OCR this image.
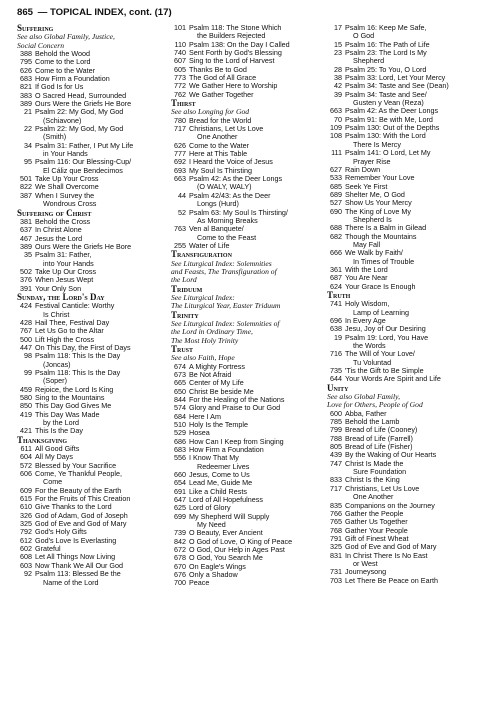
865 — TOPICAL INDEX, cont. (17)
Suffering
See also Global Family, Justice,
Social Concern
388 Behold the Wood
795 Come to the Lord
626 Come to the Water
683 How Firm a Foundation
821 If God Is for Us
383 O Sacred Head, Surrounded
389 Ours Were the Griefs He Bore
21 Psalm 22: My God, My God
(Schiavone)
22 Psalm 22: My God, My God
(Smith)
34 Psalm 31: Father, I Put My Life
in Your Hands
95 Psalm 116: Our Blessing-Cup/
El Cáliz que Bendecimos
501 Take Up Your Cross
822 We Shall Overcome
387 When I Survey the
Wondrous Cross
Suffering of Christ
381 Behold the Cross
637 In Christ Alone
467 Jesus the Lord
389 Ours Were the Griefs He Bore
35 Psalm 31: Father,
into Your Hands
502 Take Up Our Cross
376 When Jesus Wept
391 Your Only Son
Sunday, the Lord's Day
424 Festival Canticle: Worthy
Is Christ
428 Hail Thee, Festival Day
767 Let Us Go to the Altar
500 Lift High the Cross
447 On This Day, the First of Days
98 Psalm 118: This Is the Day
(Joncas)
99 Psalm 118: This Is the Day
(Soper)
459 Rejoice, the Lord Is King
580 Sing to the Mountains
850 This Day God Gives Me
419 This Day Was Made
by the Lord
421 This Is the Day
Thanksgiving
611 All Good Gifts
604 All My Days
572 Blessed by Your Sacrifice
606 Come, Ye Thankful People,
Come
609 For the Beauty of the Earth
615 For the Fruits of This Creation
610 Give Thanks to the Lord
326 God of Adam, God of Joseph
325 God of Eve and God of Mary
792 God's Holy Gifts
612 God's Love Is Everlasting
602 Grateful
608 Let All Things Now Living
603 Now Thank We All Our God
92 Psalm 113: Blessed Be the
Name of the Lord
101 Psalm 118: The Stone Which
the Builders Rejected
110 Psalm 138: On the Day I Called
740 Sent Forth by God's Blessing
607 Sing to the Lord of Harvest
605 Thanks Be to God
773 The God of All Grace
772 We Gather Here to Worship
762 We Gather Together
Thirst
See also Longing for God
780 Bread for the World
717 Christians, Let Us Love
One Another
626 Come to the Water
777 Here at This Table
692 I Heard the Voice of Jesus
693 My Soul Is Thirsting
663 Psalm 42: As the Deer Longs
(O WALY, WALY)
44 Psalm 42/43: As the Deer
Longs (Hurd)
52 Psalm 63: My Soul Is Thirsting/
As Morning Breaks
763 Ven al Banquete/
Come to the Feast
255 Water of Life
Transfiguration
See Liturgical Index: Solemnities
and Feasts, The Transfiguration of
the Lord
Triduum
See Liturgical Index:
The Liturgical Year, Easter Triduum
Trinity
See Liturgical Index: Solemnities of
the Lord in Ordinary Time,
The Most Holy Trinity
Trust
See also Faith, Hope
674 A Mighty Fortress
673 Be Not Afraid
665 Center of My Life
650 Christ Be beside Me
844 For the Healing of the Nations
574 Glory and Praise to Our God
684 Here I Am
510 Holy Is the Temple
529 Hosea
686 How Can I Keep from Singing
683 How Firm a Foundation
556 I Know That My
Redeemer Lives
660 Jesus, Come to Us
654 Lead Me, Guide Me
691 Like a Child Rests
647 Lord of All Hopefulness
625 Lord of Glory
699 My Shepherd Will Supply
My Need
739 O Beauty, Ever Ancient
842 O God of Love, O King of Peace
672 O God, Our Help in Ages Past
678 O God, You Search Me
670 On Eagle's Wings
676 Only a Shadow
700 Peace
17 Psalm 16: Keep Me Safe,
O God
15 Psalm 16: The Path of Life
23 Psalm 23: The Lord Is My
Shepherd
28 Psalm 25: To You, O Lord
38 Psalm 33: Lord, Let Your Mercy
42 Psalm 34: Taste and See (Dean)
39 Psalm 34: Taste and See/
Gusten y Vean (Reza)
663 Psalm 42: As the Deer Longs
70 Psalm 91: Be with Me, Lord
109 Psalm 130: Out of the Depths
108 Psalm 130: With the Lord
There Is Mercy
111 Psalm 141: O Lord, Let My
Prayer Rise
627 Rain Down
533 Remember Your Love
685 Seek Ye First
689 Shelter Me, O God
527 Show Us Your Mercy
690 The King of Love My
Shepherd Is
688 There Is a Balm in Gilead
682 Though the Mountains
May Fall
666 We Walk by Faith/
In Times of Trouble
361 With the Lord
687 You Are Near
624 Your Grace Is Enough
Truth
741 Holy Wisdom,
Lamp of Learning
696 In Every Age
638 Jesu, Joy of Our Desiring
19 Psalm 19: Lord, You Have
the Words
716 The Will of Your Love/
Tu Voluntad
735 'Tis the Gift to Be Simple
644 Your Words Are Spirit and Life
Unity
See also Global Family,
Love for Others, People of God
600 Abba, Father
785 Behold the Lamb
799 Bread of Life (Cooney)
788 Bread of Life (Farrell)
805 Bread of Life (Fisher)
439 By the Waking of Our Hearts
747 Christ Is Made the
Sure Foundation
833 Christ Is the King
717 Christians, Let Us Love
One Another
835 Companions on the Journey
766 Gather the People
765 Gather Us Together
768 Gather Your People
791 Gift of Finest Wheat
325 God of Eve and God of Mary
831 In Christ There Is No East
or West
731 Journeysong
703 Let There Be Peace on Earth
